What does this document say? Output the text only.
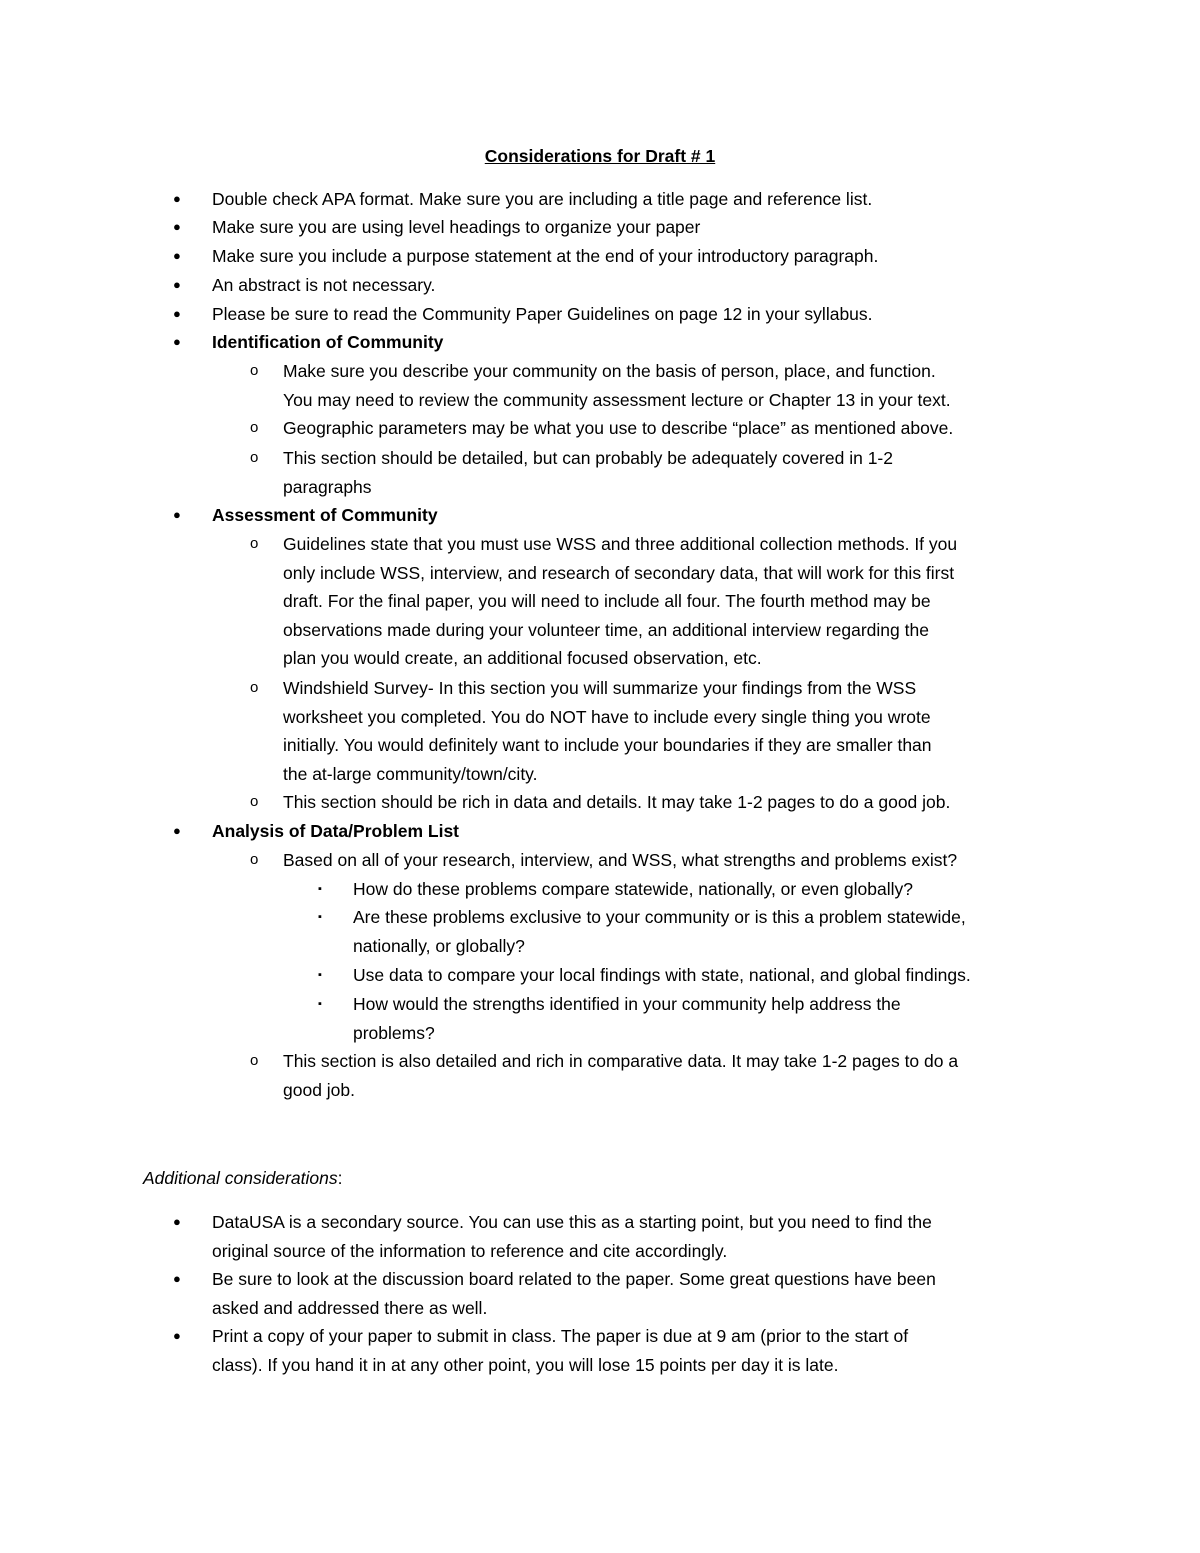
Considerations for Draft # 1
● Double check APA format. Make sure you are including a title page and reference list.
● Make sure you are using level headings to organize your paper
● Make sure you include a purpose statement at the end of your introductory paragraph.
● An abstract is not necessary.
● Please be sure to read the Community Paper Guidelines on page 12 in your syllabus.
● Identification of Community
o Make sure you describe your community on the basis of person, place, and function.
You may need to review the community assessment lecture or Chapter 13 in your text.
o Geographic parameters may be what you use to describe “place” as mentioned above.
o This section should be detailed, but can probably be adequately covered in 1-2
paragraphs
● Assessment of Community
o Guidelines state that you must use WSS and three additional collection methods. If you
only include WSS, interview, and research of secondary data, that will work for this first
draft. For the final paper, you will need to include all four. The fourth method may be
observations made during your volunteer time, an additional interview regarding the
plan you would create, an additional focused observation, etc.
o Windshield Survey- In this section you will summarize your findings from the WSS
worksheet you completed. You do NOT have to include every single thing you wrote
initially. You would definitely want to include your boundaries if they are smaller than
the at-large community/town/city.
o This section should be rich in data and details. It may take 1-2 pages to do a good job.
● Analysis of Data/Problem List
o Based on all of your research, interview, and WSS, what strengths and problems exist?
▪ How do these problems compare statewide, nationally, or even globally?
▪ Are these problems exclusive to your community or is this a problem statewide,
nationally, or globally?
▪ Use data to compare your local findings with state, national, and global findings.
▪ How would the strengths identified in your community help address the
problems?
o This section is also detailed and rich in comparative data. It may take 1-2 pages to do a
good job.
Additional considerations:
● DataUSA is a secondary source. You can use this as a starting point, but you need to find the
original source of the information to reference and cite accordingly.
● Be sure to look at the discussion board related to the paper. Some great questions have been
asked and addressed there as well.
● Print a copy of your paper to submit in class. The paper is due at 9 am (prior to the start of
class). If you hand it in at any other point, you will lose 15 points per day it is late.
